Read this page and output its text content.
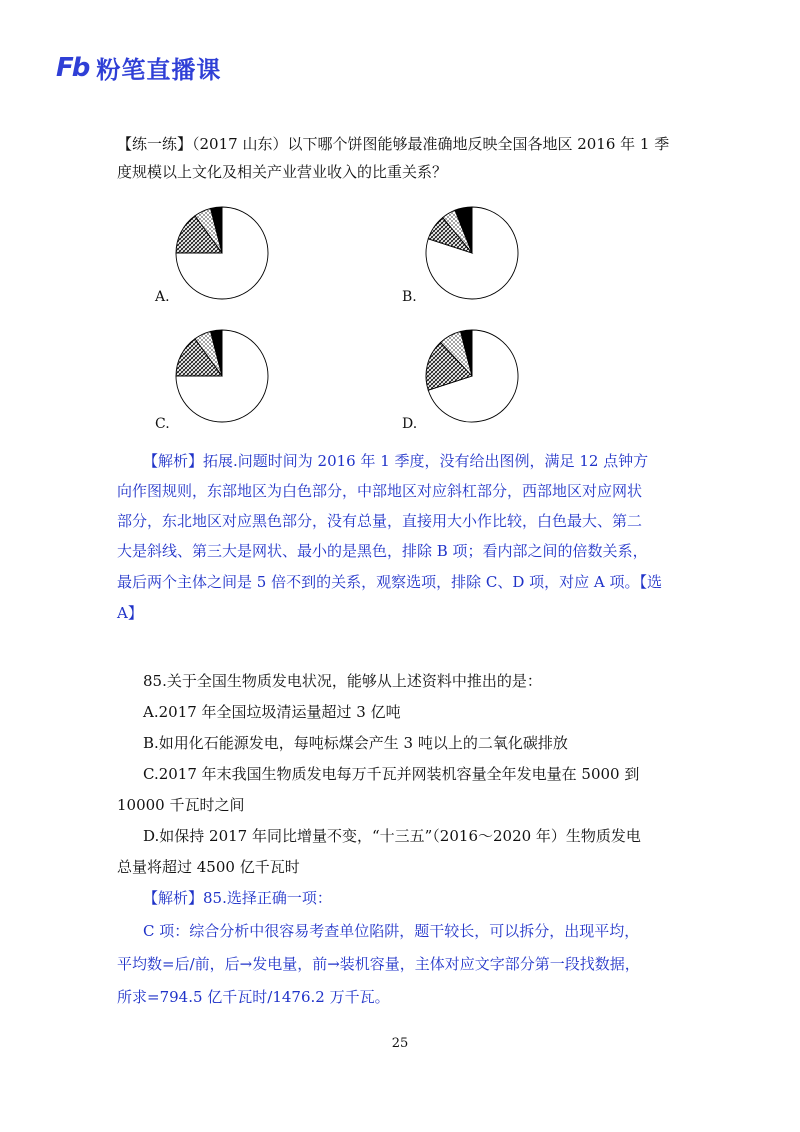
Fb 粉笔直播课
【练一练】（2017 山东）以下哪个饼图能够最准确地反映全国各地区 2016 年 1 季度规模以上文化及相关产业营业收入的比重关系？
A.	B.
C.	D.
【解析】拓展.问题时间为 2016 年 1 季度，没有给出图例，满足 12 点钟方
向作图规则，东部地区为白色部分，中部地区对应斜杠部分，西部地区对应网状
部分，东北地区对应黑色部分，没有总量，直接用大小作比较，白色最大、第二
大是斜线、第三大是网状、最小的是黑色，排除 B 项；看内部之间的倍数关系，
最后两个主体之间是 5 倍不到的关系，观察选项，排除 C、D 项，对应 A 项。【选
A】
85.关于全国生物质发电状况，能够从上述资料中推出的是：
A.2017 年全国垃圾清运量超过 3 亿吨
B.如用化石能源发电，每吨标煤会产生 3 吨以上的二氧化碳排放
C.2017 年末我国生物质发电每万千瓦并网装机容量全年发电量在 5000 到
10000 千瓦时之间
D.如保持 2017 年同比增量不变，“十三五”（2016～2020 年）生物质发电
总量将超过 4500 亿千瓦时
【解析】85.选择正确一项：
C 项：综合分析中很容易考查单位陷阱，题干较长，可以拆分，出现平均，
平均数=后/前，后→发电量，前→装机容量，主体对应文字部分第一段找数据，
所求=794.5 亿千瓦时/1476.2 万千瓦。
25
